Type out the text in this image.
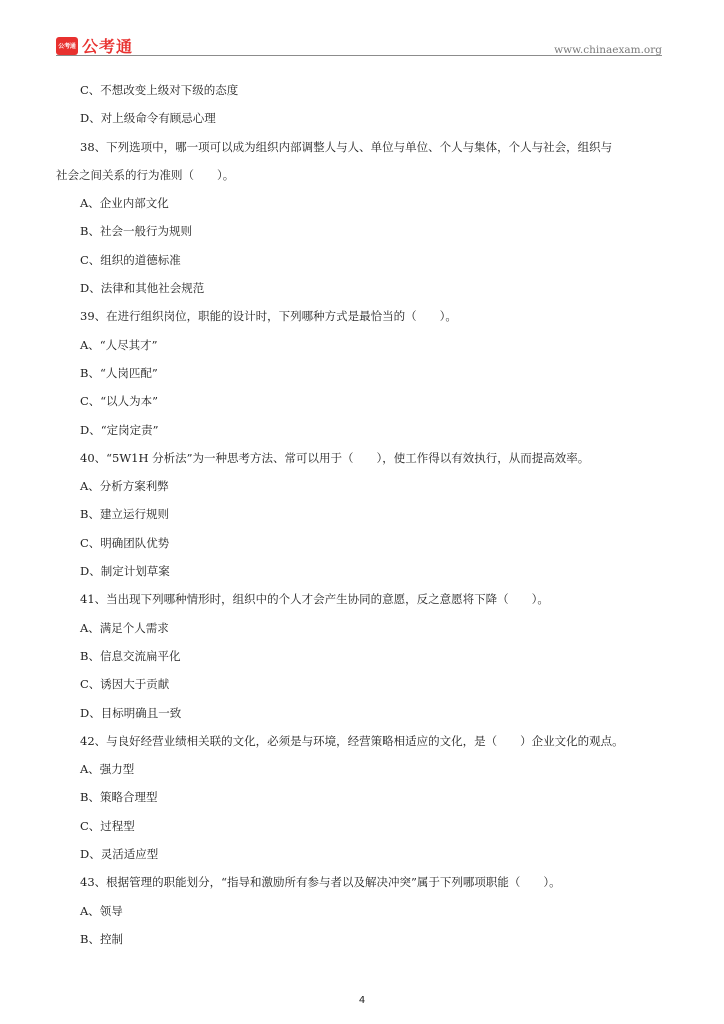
公考通 公考通	www.chinaexam.org
C、不想改变上级对下级的态度
D、对上级命令有顾忌心理
38、下列选项中，哪一项可以成为组织内部调整人与人、单位与单位、个人与集体，个人与社会，组织与
社会之间关系的行为准则（　　）。
A、企业内部文化
B、社会一般行为规则
C、组织的道德标准
D、法律和其他社会规范
39、在进行组织岗位，职能的设计时，下列哪种方式是最恰当的（　　）。
A、“人尽其才”
B、“人岗匹配”
C、“以人为本”
D、“定岗定责”
40、“5W1H 分析法”为一种思考方法、常可以用于（　　），使工作得以有效执行，从而提高效率。
A、分析方案利弊
B、建立运行规则
C、明确团队优势
D、制定计划草案
41、当出现下列哪种情形时，组织中的个人才会产生协同的意愿，反之意愿将下降（　　）。
A、满足个人需求
B、信息交流扁平化
C、诱因大于贡献
D、目标明确且一致
42、与良好经营业绩相关联的文化，必须是与环境，经营策略相适应的文化，是（　　）企业文化的观点。
A、强力型
B、策略合理型
C、过程型
D、灵活适应型
43、根据管理的职能划分，“指导和激励所有参与者以及解决冲突”属于下列哪项职能（　　）。
A、领导
B、控制
4
